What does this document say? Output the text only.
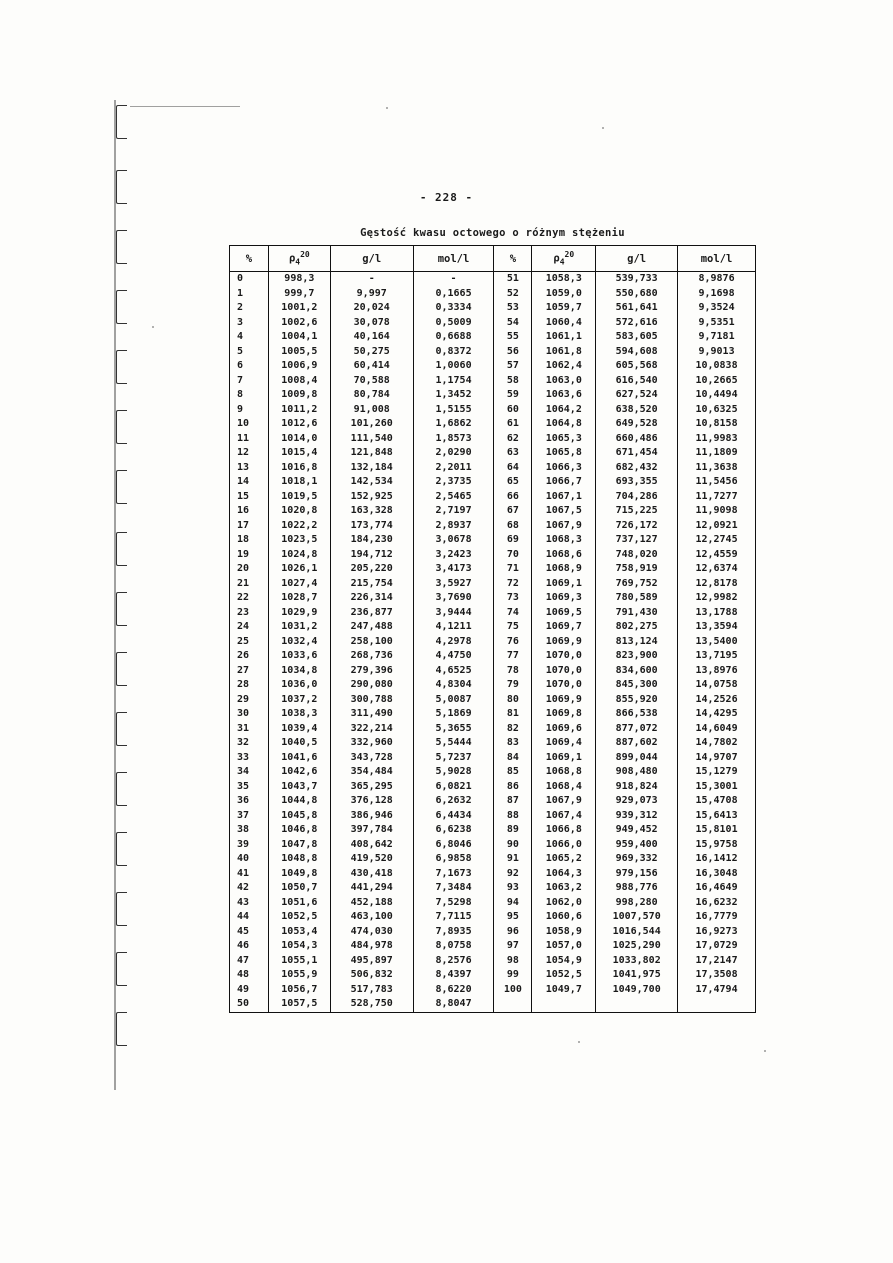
- 228 -
Gęstość kwasu octowego o różnym stężeniu
%	$\rho_4^{20}$	g/l	mol/l	%	$\rho_4^{20}$	g/l	mol/l
0	998,3	-	-	51	1058,3	539,733	8,9876
1	999,7	9,997	0,1665	52	1059,0	550,680	9,1698
2	1001,2	20,024	0,3334	53	1059,7	561,641	9,3524
3	1002,6	30,078	0,5009	54	1060,4	572,616	9,5351
4	1004,1	40,164	0,6688	55	1061,1	583,605	9,7181
5	1005,5	50,275	0,8372	56	1061,8	594,608	9,9013
6	1006,9	60,414	1,0060	57	1062,4	605,568	10,0838
7	1008,4	70,588	1,1754	58	1063,0	616,540	10,2665
8	1009,8	80,784	1,3452	59	1063,6	627,524	10,4494
9	1011,2	91,008	1,5155	60	1064,2	638,520	10,6325
10	1012,6	101,260	1,6862	61	1064,8	649,528	10,8158
11	1014,0	111,540	1,8573	62	1065,3	660,486	11,9983
12	1015,4	121,848	2,0290	63	1065,8	671,454	11,1809
13	1016,8	132,184	2,2011	64	1066,3	682,432	11,3638
14	1018,1	142,534	2,3735	65	1066,7	693,355	11,5456
15	1019,5	152,925	2,5465	66	1067,1	704,286	11,7277
16	1020,8	163,328	2,7197	67	1067,5	715,225	11,9098
17	1022,2	173,774	2,8937	68	1067,9	726,172	12,0921
18	1023,5	184,230	3,0678	69	1068,3	737,127	12,2745
19	1024,8	194,712	3,2423	70	1068,6	748,020	12,4559
20	1026,1	205,220	3,4173	71	1068,9	758,919	12,6374
21	1027,4	215,754	3,5927	72	1069,1	769,752	12,8178
22	1028,7	226,314	3,7690	73	1069,3	780,589	12,9982
23	1029,9	236,877	3,9444	74	1069,5	791,430	13,1788
24	1031,2	247,488	4,1211	75	1069,7	802,275	13,3594
25	1032,4	258,100	4,2978	76	1069,9	813,124	13,5400
26	1033,6	268,736	4,4750	77	1070,0	823,900	13,7195
27	1034,8	279,396	4,6525	78	1070,0	834,600	13,8976
28	1036,0	290,080	4,8304	79	1070,0	845,300	14,0758
29	1037,2	300,788	5,0087	80	1069,9	855,920	14,2526
30	1038,3	311,490	5,1869	81	1069,8	866,538	14,4295
31	1039,4	322,214	5,3655	82	1069,6	877,072	14,6049
32	1040,5	332,960	5,5444	83	1069,4	887,602	14,7802
33	1041,6	343,728	5,7237	84	1069,1	899,044	14,9707
34	1042,6	354,484	5,9028	85	1068,8	908,480	15,1279
35	1043,7	365,295	6,0821	86	1068,4	918,824	15,3001
36	1044,8	376,128	6,2632	87	1067,9	929,073	15,4708
37	1045,8	386,946	6,4434	88	1067,4	939,312	15,6413
38	1046,8	397,784	6,6238	89	1066,8	949,452	15,8101
39	1047,8	408,642	6,8046	90	1066,0	959,400	15,9758
40	1048,8	419,520	6,9858	91	1065,2	969,332	16,1412
41	1049,8	430,418	7,1673	92	1064,3	979,156	16,3048
42	1050,7	441,294	7,3484	93	1063,2	988,776	16,4649
43	1051,6	452,188	7,5298	94	1062,0	998,280	16,6232
44	1052,5	463,100	7,7115	95	1060,6	1007,570	16,7779
45	1053,4	474,030	7,8935	96	1058,9	1016,544	16,9273
46	1054,3	484,978	8,0758	97	1057,0	1025,290	17,0729
47	1055,1	495,897	8,2576	98	1054,9	1033,802	17,2147
48	1055,9	506,832	8,4397	99	1052,5	1041,975	17,3508
49	1056,7	517,783	8,6220	100	1049,7	1049,700	17,4794
50	1057,5	528,750	8,8047				
